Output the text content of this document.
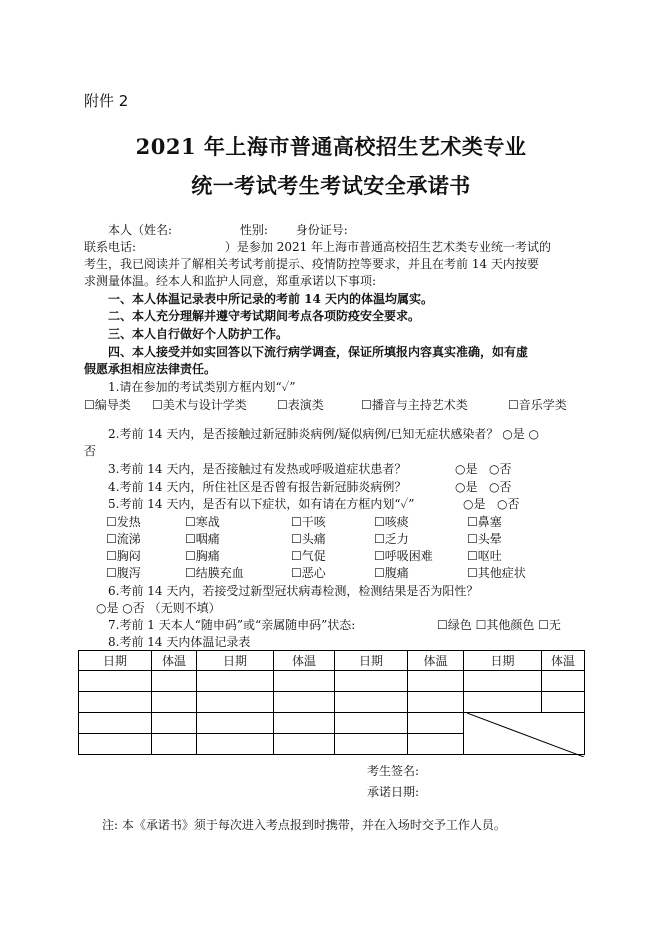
附件 2
2021 年上海市普通高校招生艺术类专业
统一考试考生考试安全承诺书
本人（姓名:	性别: 身份证号:
联系电话:	）是参加 2021 年上海市普通高校招生艺术类专业统一考试的
考生，我已阅读并了解相关考试考前提示、疫情防控等要求，并且在考前 14 天内按要
求测量体温。经本人和监护人同意，郑重承诺以下事项:
一、本人体温记录表中所记录的考前 14 天内的体温均属实。
二、本人充分理解并遵守考试期间考点各项防疫安全要求。
三、本人自行做好个人防护工作。
四、本人接受并如实回答以下流行病学调查，保证所填报内容真实准确，如有虚
假愿承担相应法律责任。
1.请在参加的考试类别方框内划“✓”
☐编导类 ☐美术与设计学类	☐表演类	☐播音与主持艺术类	☐音乐学类
2.考前 14 天内，是否接触过新冠肺炎病例/疑似病例/已知无症状感染者？ ○是 ○
否
3.考前 14 天内，是否接触过有发热或呼吸道症状患者？	○是 ○否
4.考前 14 天内，所住社区是否曾有报告新冠肺炎病例？	○是 ○否
5.考前 14 天内，是否有以下症状，如有请在方框内划“✓”	○是 ○否
☐发热	☐寒战	☐干咳	☐咳痰	☐鼻塞
☐流涕	☐咽痛	☐头痛	☐乏力	☐头晕
☐胸闷	☐胸痛	☐气促	☐呼吸困难	☐呕吐
☐腹泻	☐结膜充血	☐恶心	☐腹痛	☐其他症状
6.考前 14 天内，若接受过新型冠状病毒检测，检测结果是否为阳性？
○是 ○否 （无则不填）
7.考前 1 天本人“随申码”或“亲属随申码”状态:	☐绿色 ☐其他颜色 ☐无
8.考前 14 天内体温记录表
日期	体温	日期	体温	日期	体温	日期	体温

考生签名:
承诺日期:
注: 本《承诺书》须于每次进入考点报到时携带，并在入场时交予工作人员。
